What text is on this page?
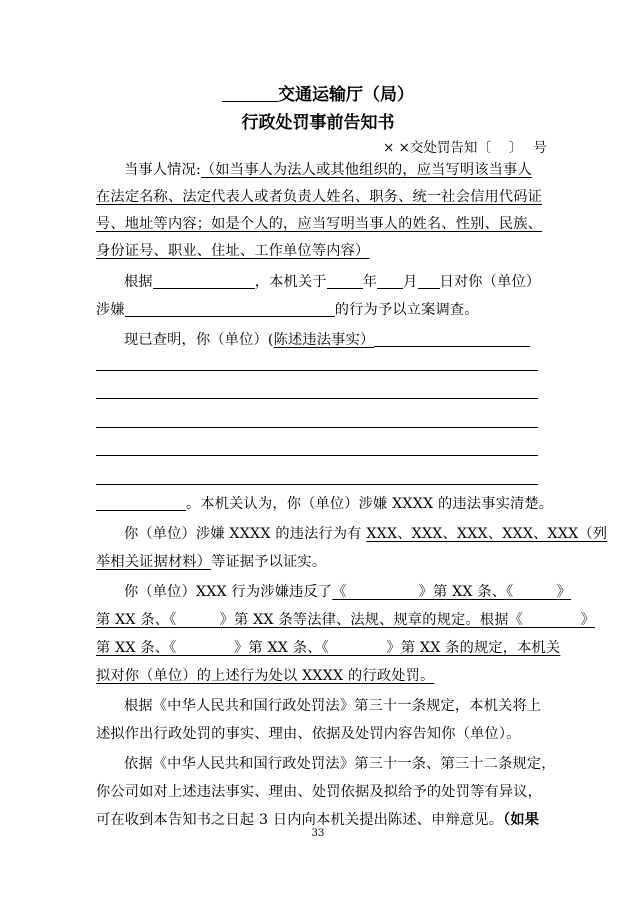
交通运输厅（局）
行政处罚事前告知书
× ×交处罚告知〔　 〕　 号
当事人情况:（如当事人为法人或其他组织的，应当写明该当事人
在法定名称、法定代表人或者负责人姓名、职务、统一社会信用代码证
号、地址等内容；如是个人的，应当写明当事人的姓名、性别、民族、
身份证号、职业、住址、工作单位等内容）
根据	，本机关于	年 月 日对你（单位）
涉嫌	的行为予以立案调查。
现已查明，你（单位）(陈述违法事实）
。本机关认为，你（单位）涉嫌 XXXX 的违法事实清楚。
你（单位）涉嫌 XXXX 的违法行为有 XXX、XXX、XXX、XXX、XXX（列
举相关证据材料）等证据予以证实。
你（单位）XXX 行为涉嫌违反了《　　　　　》第 XX 条、《　　　》
第 XX 条、《　　　》第 XX 条等法律、法规、规章的规定。根据《　　　　》
第 XX 条、《　　　　》第 XX 条、《　　　　》第 XX 条的规定，本机关
拟对你（单位）的上述行为处以 XXXX 的行政处罚。
根据《中华人民共和国行政处罚法》第三十一条规定，本机关将上
述拟作出行政处罚的事实、理由、依据及处罚内容告知你（单位）。
依据《中华人民共和国行政处罚法》第三十一条、第三十二条规定，
你公司如对上述违法事实、理由、处罚依据及拟给予的处罚等有异议，
可在收到本告知书之日起 3 日内向本机关提出陈述、申辩意见。（如果
33
